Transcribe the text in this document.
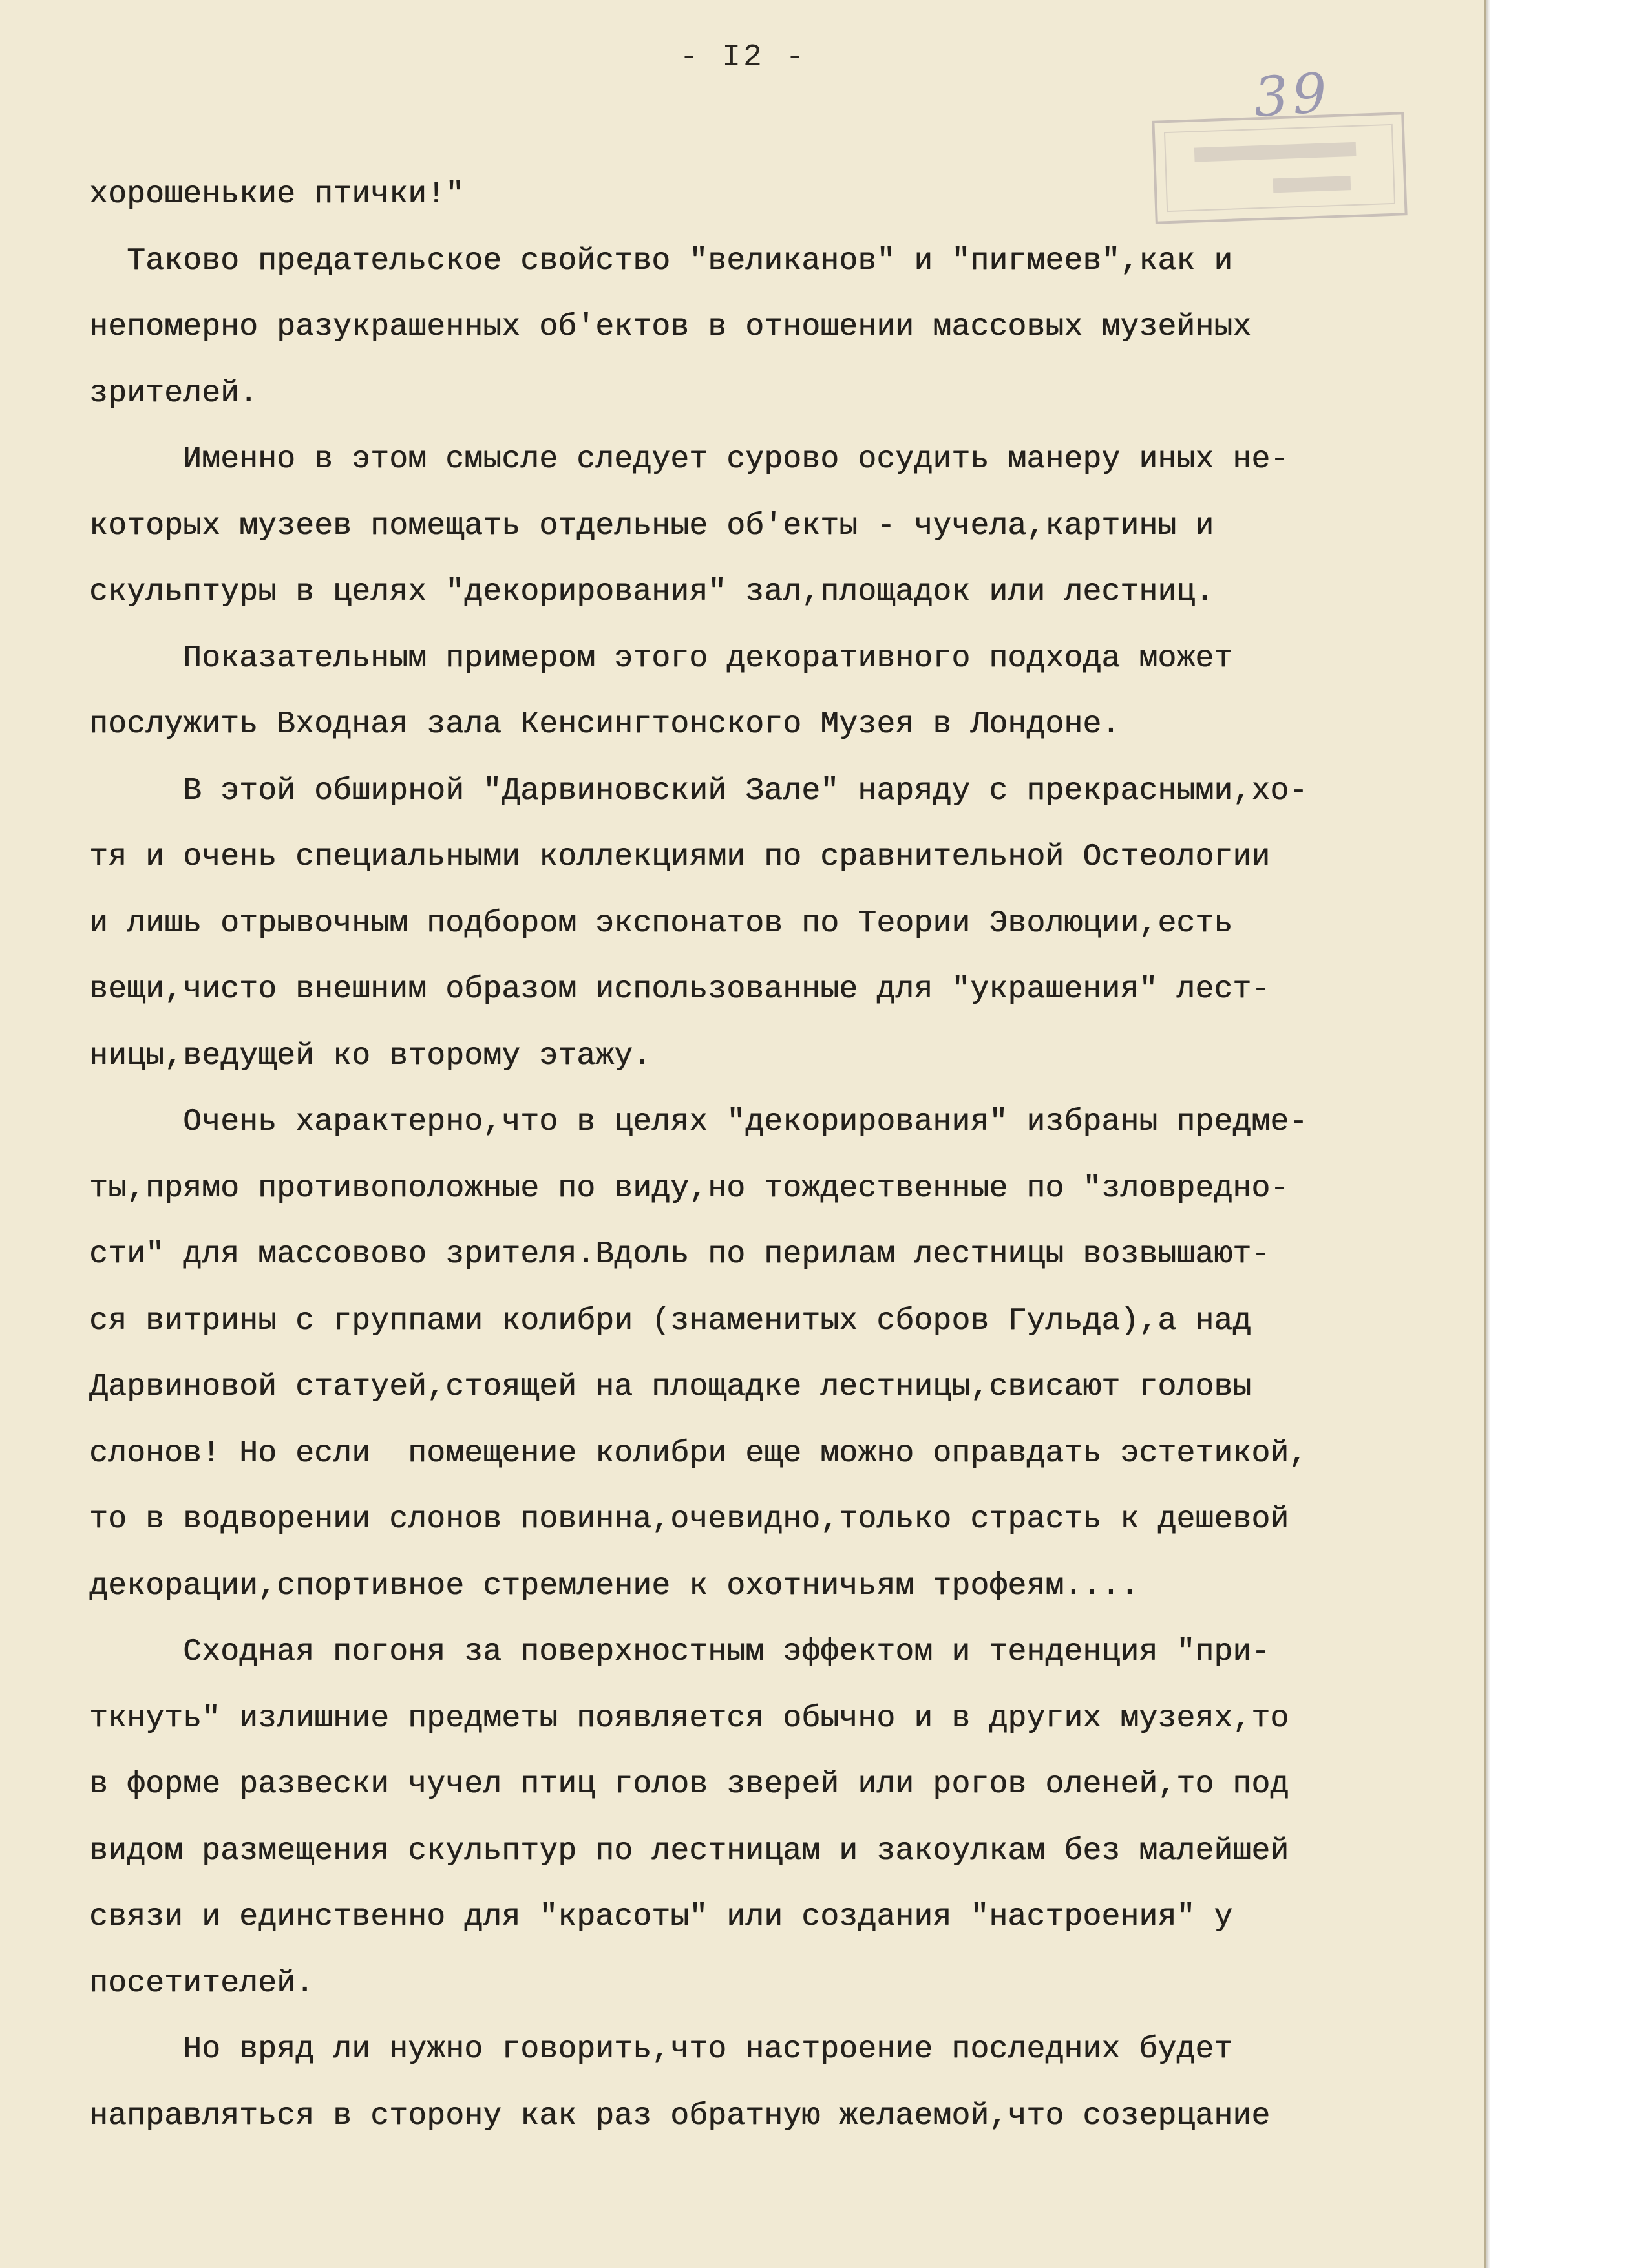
- I2 -
39
хорошенькие птички!"
Таково предательское свойство "великанов" и "пигмеев",как и
непомерно разукрашенных об'ектов в отношении массовых музейных
зрителей.
Именно в этом смысле следует сурово осудить манеру иных не-
которых музеев помещать отдельные об'екты - чучела,картины и
скульптуры в целях "декорирования" зал,площадок или лестниц.
Показательным примером этого декоративного подхода может
послужить Входная зала Кенсингтонского Музея в Лондоне.
В этой обширной "Дарвиновский Зале" наряду с прекрасными,хо-
тя и очень специальными коллекциями по сравнительной Остеологии
и лишь отрывочным подбором экспонатов по Теории Эволюции,есть
вещи,чисто внешним образом использованные для "украшения" лест-
ницы,ведущей ко второму этажу.
Очень характерно,что в целях "декорирования" избраны предме-
ты,прямо противоположные по виду,но тождественные по "зловредно-
сти" для массовово зрителя.Вдоль по перилам лестницы возвышают-
ся витрины с группами колибри (знаменитых сборов Гульда),а над
Дарвиновой статуей,стоящей на площадке лестницы,свисают головы
слонов! Но если  помещение колибри еще можно оправдать эстетикой,
то в водворении слонов повинна,очевидно,только страсть к дешевой
декорации,спортивное стремление к охотничьям трофеям....
Сходная погоня за поверхностным эффектом и тенденция "при-
ткнуть" излишние предметы появляется обычно и в других музеях,то
в форме развески чучел птиц голов зверей или рогов оленей,то под
видом размещения скульптур по лестницам и закоулкам без малейшей
связи и единственно для "красоты" или создания "настроения" у
посетителей.
Но вряд ли нужно говорить,что настроение последних будет
направляться в сторону как раз обратную желаемой,что созерцание
